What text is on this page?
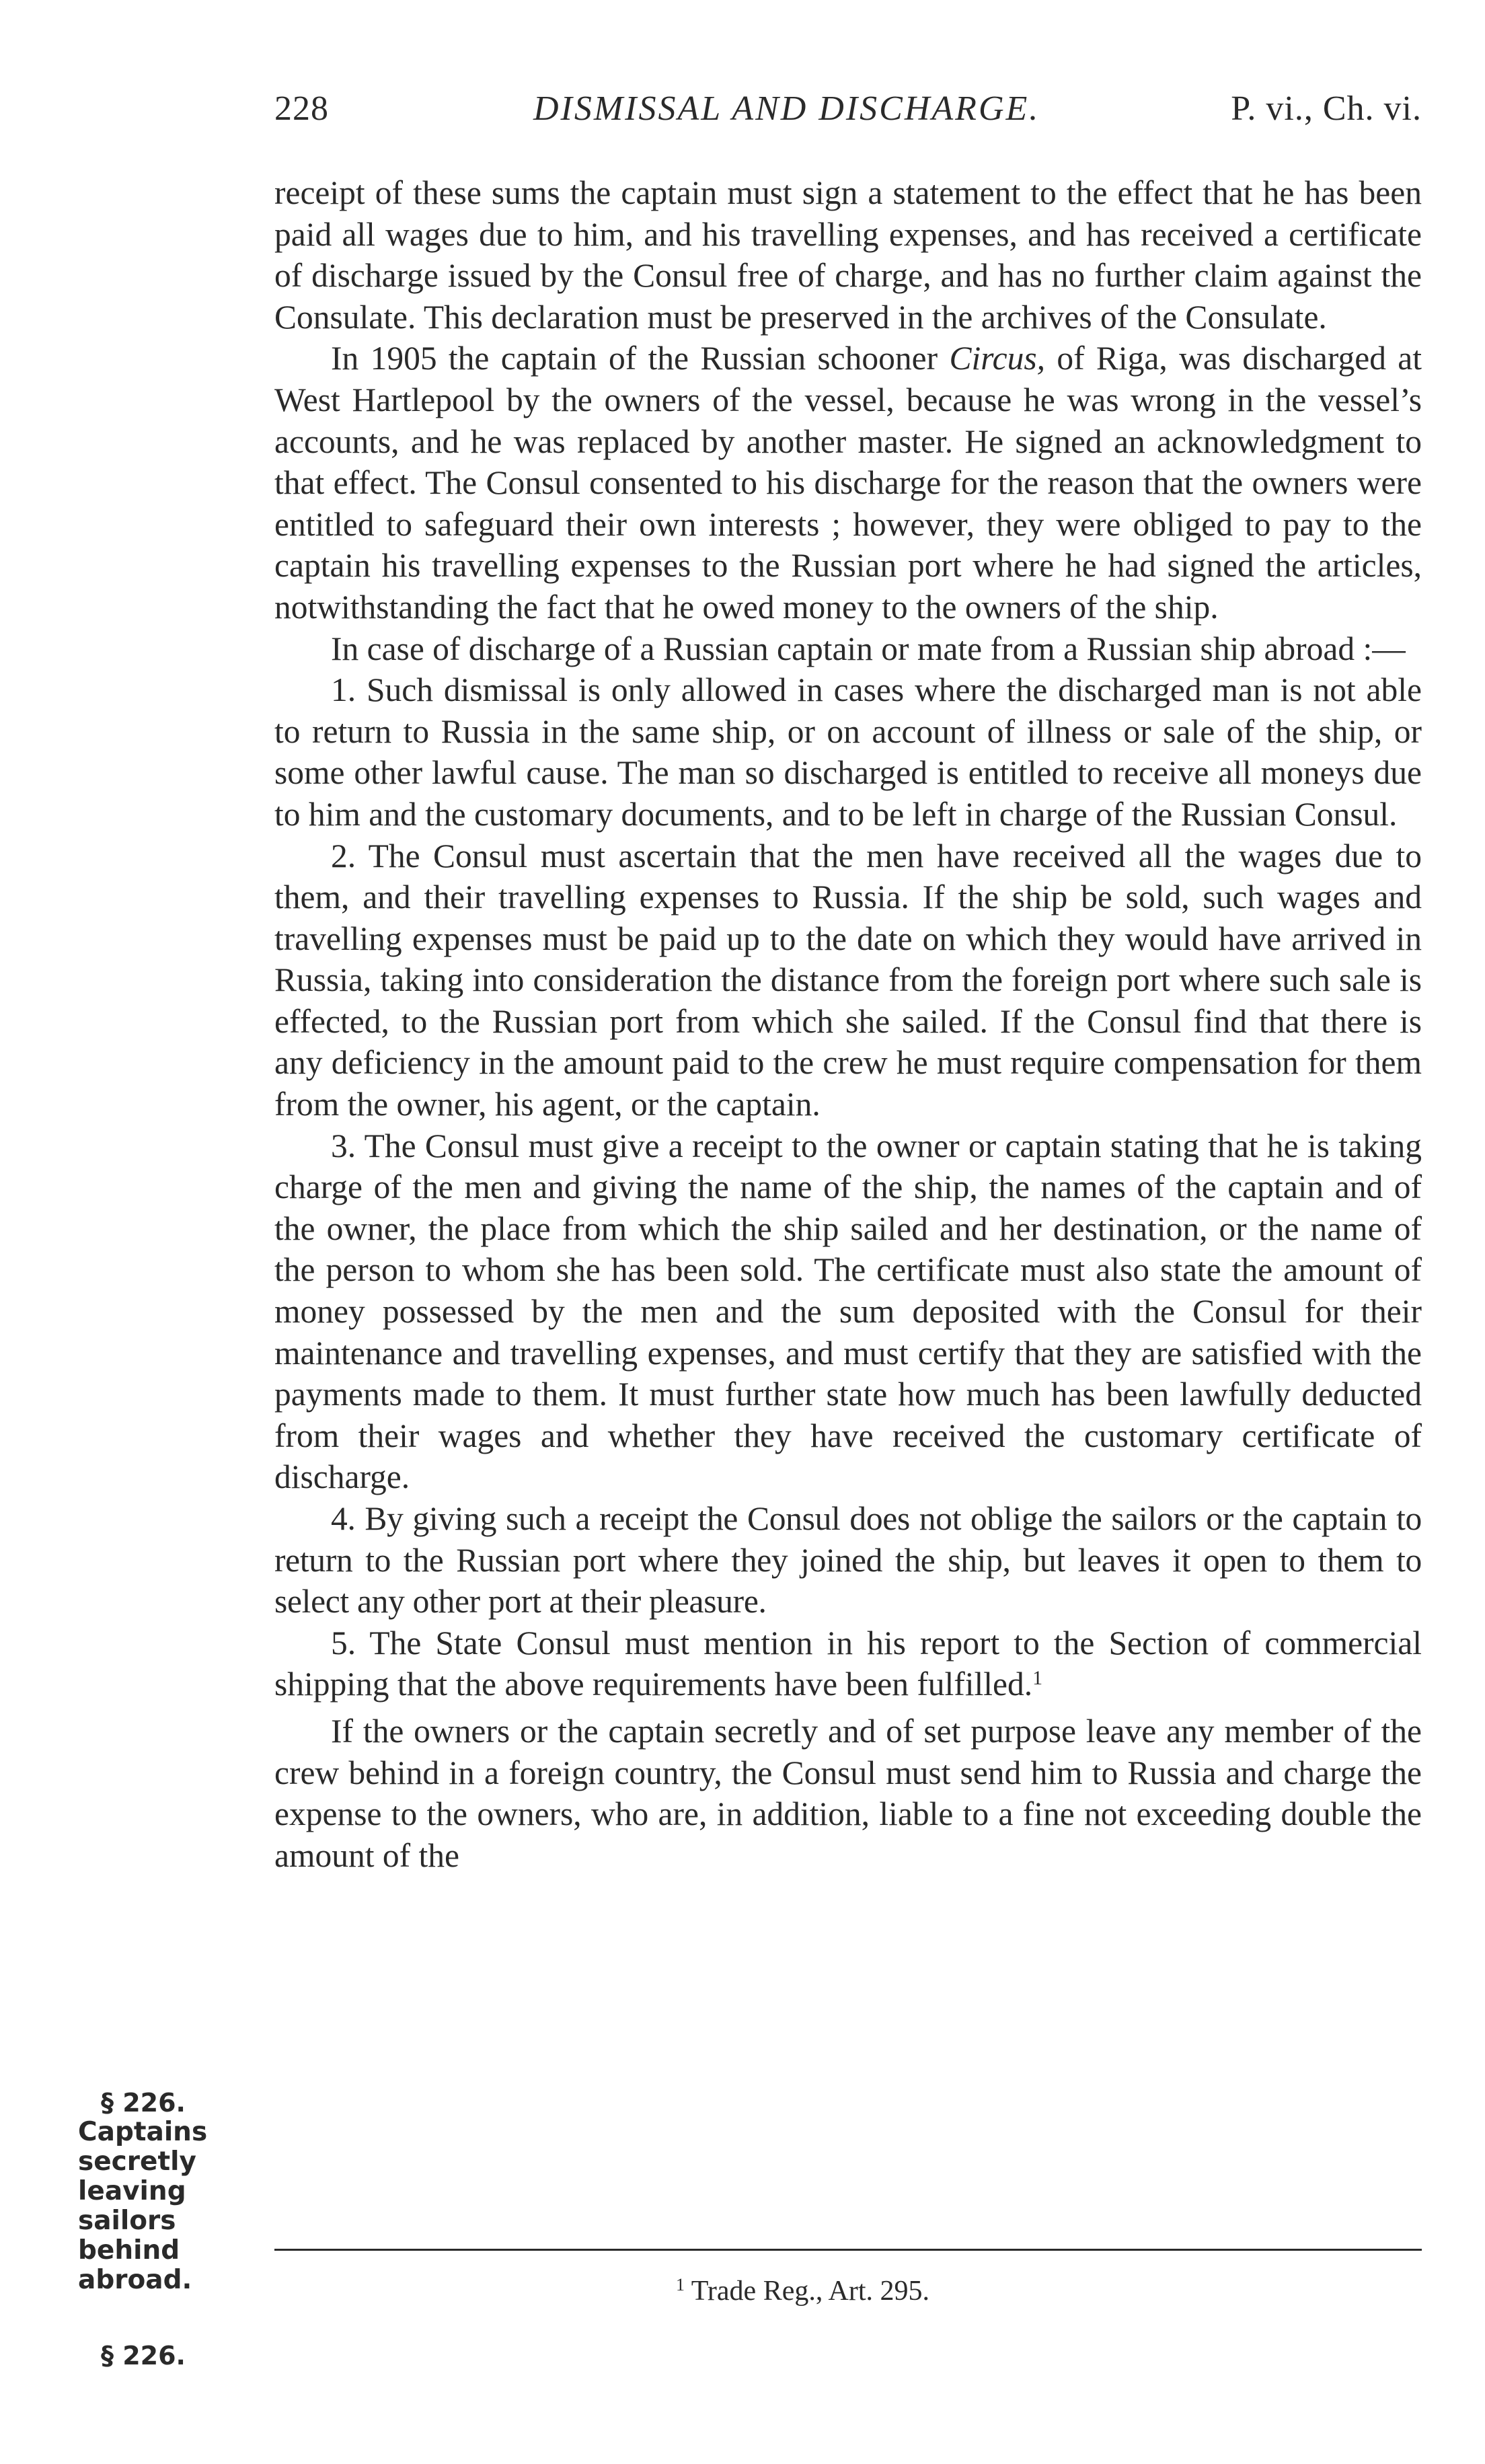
228	DISMISSAL AND DISCHARGE.	P. vi., Ch. vi.

receipt of these sums the captain must sign a statement to the effect that he has been paid all wages due to him, and his travelling expenses, and has received a certificate of discharge issued by the Consul free of charge, and has no further claim against the Consulate. This declaration must be preserved in the archives of the Consulate.

In 1905 the captain of the Russian schooner Circus, of Riga, was discharged at West Hartlepool by the owners of the vessel, because he was wrong in the vessel’s accounts, and he was replaced by another master. He signed an acknowledgment to that effect. The Consul consented to his discharge for the reason that the owners were entitled to safeguard their own interests ; however, they were obliged to pay to the captain his travelling expenses to the Russian port where he had signed the articles, notwithstanding the fact that he owed money to the owners of the ship.

In case of discharge of a Russian captain or mate from a Russian ship abroad :—

1. Such dismissal is only allowed in cases where the discharged man is not able to return to Russia in the same ship, or on account of illness or sale of the ship, or some other lawful cause. The man so discharged is entitled to receive all moneys due to him and the customary documents, and to be left in charge of the Russian Consul.

2. The Consul must ascertain that the men have received all the wages due to them, and their travelling expenses to Russia. If the ship be sold, such wages and travelling expenses must be paid up to the date on which they would have arrived in Russia, taking into consideration the distance from the foreign port where such sale is effected, to the Russian port from which she sailed. If the Consul find that there is any deficiency in the amount paid to the crew he must require compensation for them from the owner, his agent, or the captain.

3. The Consul must give a receipt to the owner or captain stating that he is taking charge of the men and giving the name of the ship, the names of the captain and of the owner, the place from which the ship sailed and her destination, or the name of the person to whom she has been sold. The certificate must also state the amount of money possessed by the men and the sum deposited with the Consul for their maintenance and travelling expenses, and must certify that they are satisfied with the payments made to them. It must further state how much has been lawfully deducted from their wages and whether they have received the customary certificate of discharge.

4. By giving such a receipt the Consul does not oblige the sailors or the captain to return to the Russian port where they joined the ship, but leaves it open to them to select any other port at their pleasure.

5. The State Consul must mention in his report to the Section of commercial shipping that the above requirements have been fulfilled.$^1$

If the owners or the captain secretly and of set purpose leave any member of the crew behind in a foreign country, the Consul must send him to Russia and charge the expense to the owners, who are, in addition, liable to a fine not exceeding double the amount of the

$^1$ Trade Reg., Art. 295.
§ 226.
Captains secretly leaving sailors behind abroad.
§ 226.
